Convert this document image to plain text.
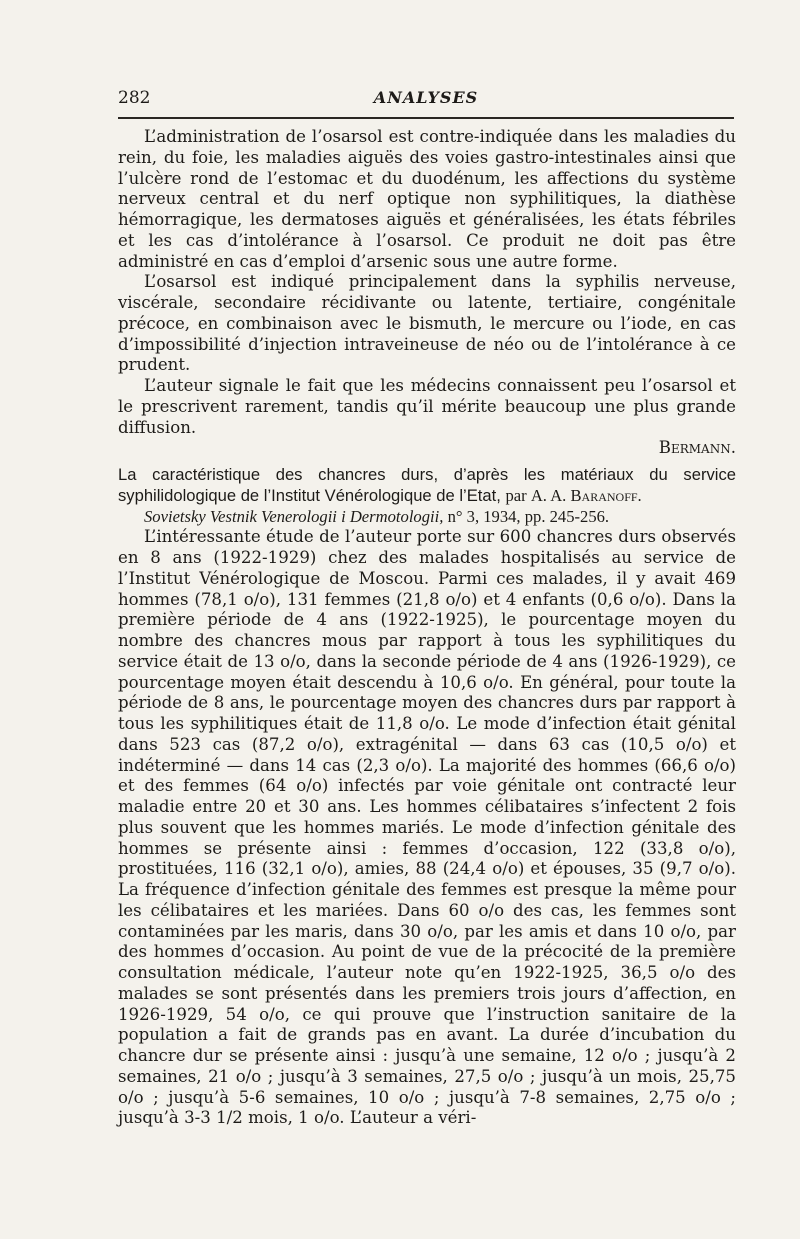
282	ANALYSES

L’administration de l’osarsol est contre-indiquée dans les maladies du rein, du foie, les maladies aiguës des voies gastro-intestinales ainsi que l’ulcère rond de l’estomac et du duodénum, les affections du système nerveux central et du nerf optique non syphilitiques, la diathèse hémorragique, les dermatoses aiguës et généralisées, les états fébriles et les cas d’intolérance à l’osarsol. Ce produit ne doit pas être administré en cas d’emploi d’arsenic sous une autre forme.

L’osarsol est indiqué principalement dans la syphilis nerveuse, viscérale, secondaire récidivante ou latente, tertiaire, congénitale précoce, en combinaison avec le bismuth, le mercure ou l’iode, en cas d’impossibilité d’injection intraveineuse de néo ou de l’intolérance à ce prudent.

L’auteur signale le fait que les médecins connaissent peu l’osarsol et le prescrivent rarement, tandis qu’il mérite beaucoup une plus grande diffusion.
Bermann.

La caractéristique des chancres durs, d’après les matériaux du service syphilidologique de l’Institut Vénérologique de l’Etat, par A. A. Baranoff.

Sovietsky Vestnik Venerologii i Dermotologii, n° 3, 1934, pp. 245-256.

L’intéressante étude de l’auteur porte sur 600 chancres durs observés en 8 ans (1922-1929) chez des malades hospitalisés au service de l’Institut Vénérologique de Moscou. Parmi ces malades, il y avait 469 hommes (78,1 o/o), 131 femmes (21,8 o/o) et 4 enfants (0,6 o/o). Dans la première période de 4 ans (1922-1925), le pourcentage moyen du nombre des chancres mous par rapport à tous les syphilitiques du service était de 13 o/o, dans la seconde période de 4 ans (1926-1929), ce pourcentage moyen était descendu à 10,6 o/o. En général, pour toute la période de 8 ans, le pourcentage moyen des chancres durs par rapport à tous les syphilitiques était de 11,8 o/o. Le mode d’infection était génital dans 523 cas (87,2 o/o), extragénital — dans 63 cas (10,5 o/o) et indéterminé — dans 14 cas (2,3 o/o). La majorité des hommes (66,6 o/o) et des femmes (64 o/o) infectés par voie génitale ont contracté leur maladie entre 20 et 30 ans. Les hommes célibataires s’infectent 2 fois plus souvent que les hommes mariés. Le mode d’infection génitale des hommes se présente ainsi : femmes d’occasion, 122 (33,8 o/o), prostituées, 116 (32,1 o/o), amies, 88 (24,4 o/o) et épouses, 35 (9,7 o/o). La fréquence d’infection génitale des femmes est presque la même pour les célibataires et les mariées. Dans 60 o/o des cas, les femmes sont contaminées par les maris, dans 30 o/o, par les amis et dans 10 o/o, par des hommes d’occasion. Au point de vue de la précocité de la première consultation médicale, l’auteur note qu’en 1922-1925, 36,5 o/o des malades se sont présentés dans les premiers trois jours d’affection, en 1926-1929, 54 o/o, ce qui prouve que l’instruction sanitaire de la population a fait de grands pas en avant. La durée d’incubation du chancre dur se présente ainsi : jusqu’à une semaine, 12 o/o ; jusqu’à 2 semaines, 21 o/o ; jusqu’à 3 semaines, 27,5 o/o ; jusqu’à un mois, 25,75 o/o ; jusqu’à 5-6 semaines, 10 o/o ; jusqu’à 7-8 semaines, 2,75 o/o ; jusqu’à 3-3 1/2 mois, 1 o/o. L’auteur a véri-
